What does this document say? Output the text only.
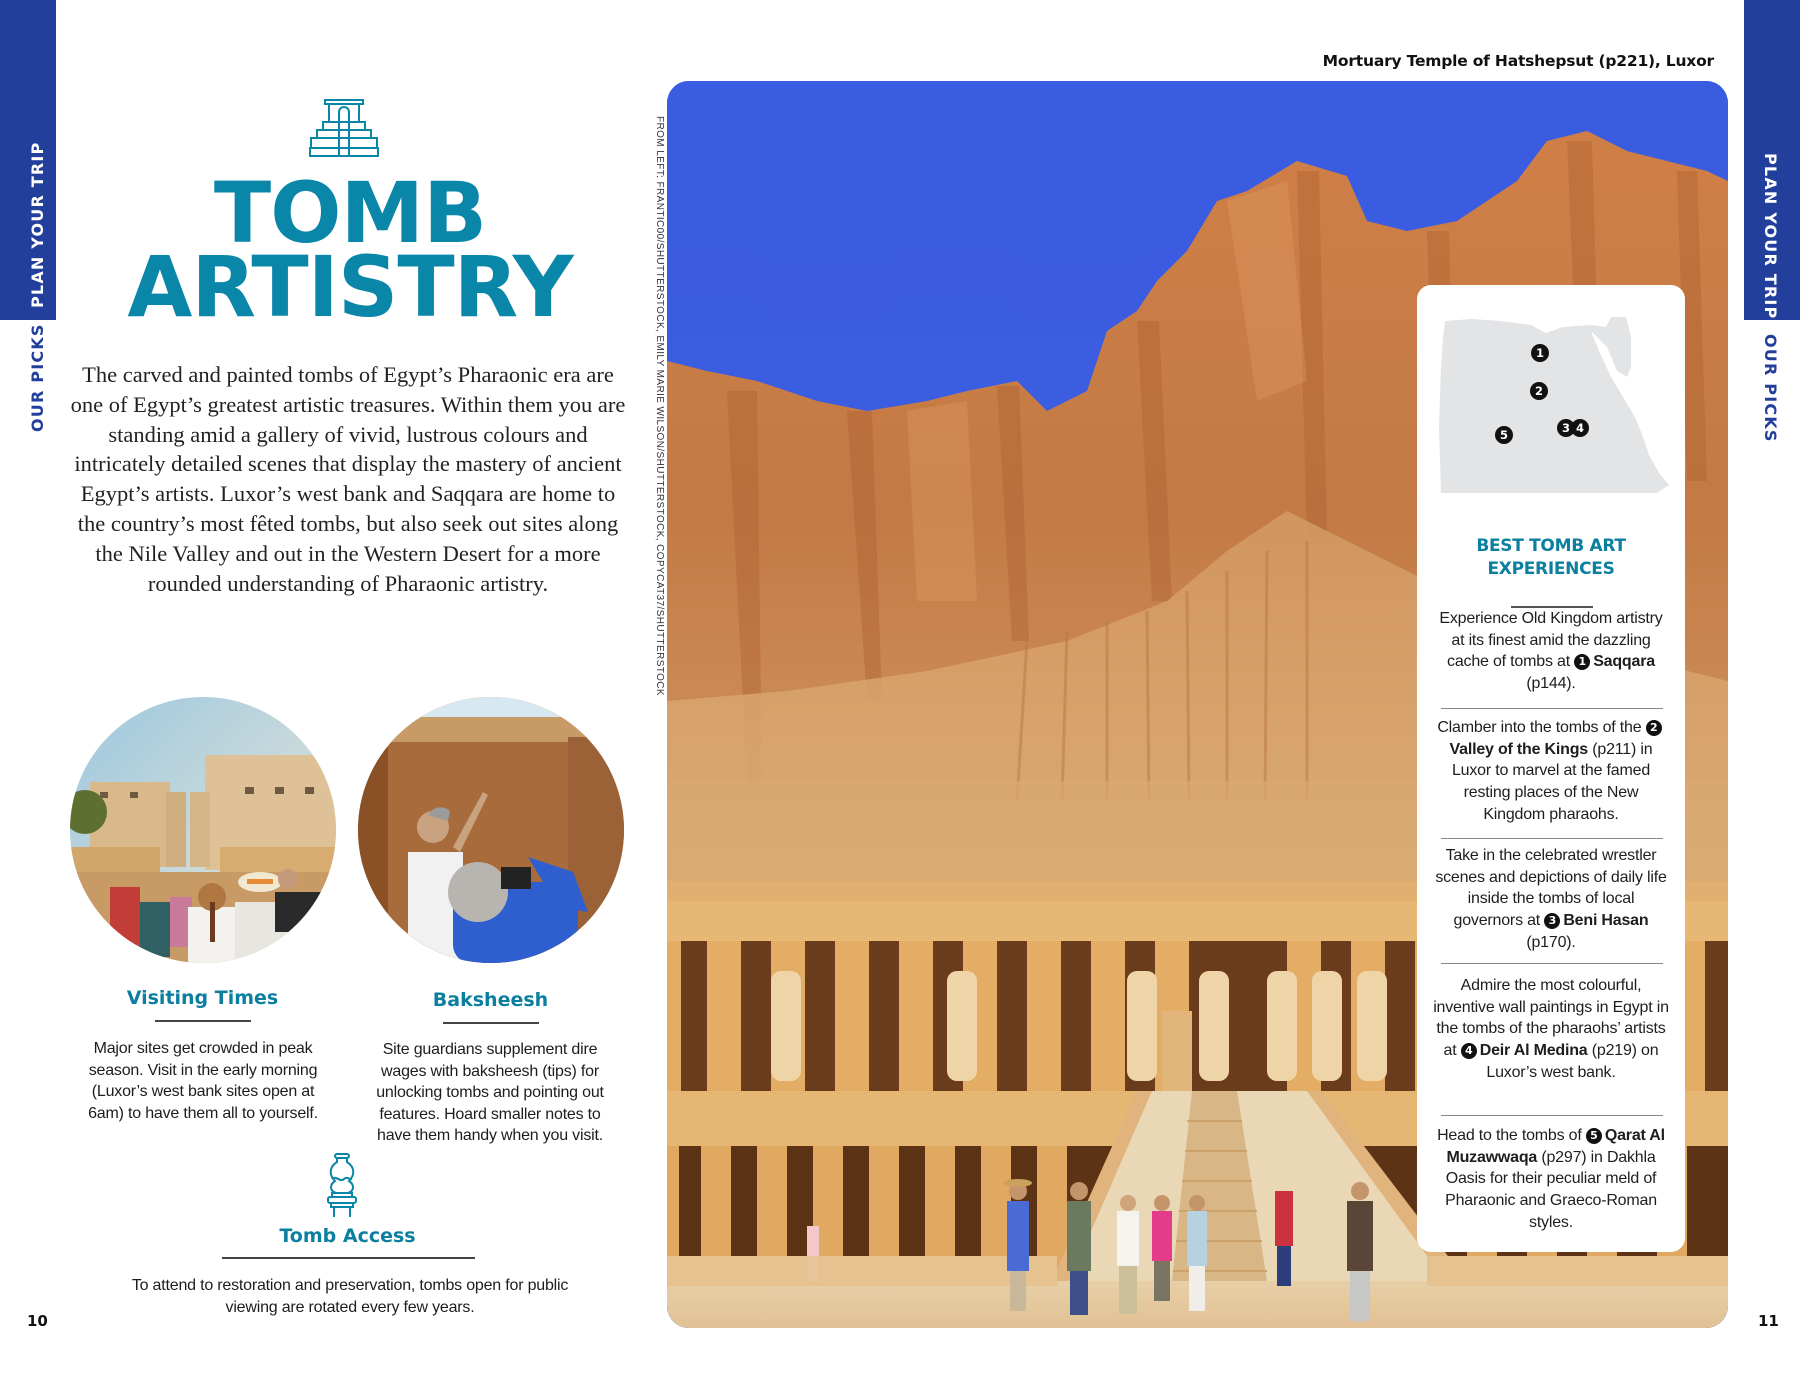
PLAN YOUR TRIP
OUR PICKS
PLAN YOUR TRIP
OUR PICKS
TOMB
ARTISTRY

The carved and painted tombs of Egypt’s Pharaonic era are one of Egypt’s greatest artistic treasures. Within them you are standing amid a gallery of vivid, lustrous colours and intricately detailed scenes that display the mastery of ancient Egypt’s artists. Luxor’s west bank and Saqqara are home to the country’s most fêted tombs, but also seek out sites along the Nile Valley and out in the Western Desert for a more rounded understanding of Pharaonic artistry.

Visiting Times

Major sites get crowded in peak season. Visit in the early morning (Luxor’s west bank sites open at 6am) to have them all to yourself.

Baksheesh

Site guardians supplement dire wages with baksheesh (tips) for unlocking tombs and pointing out features. Hoard smaller notes to have them handy when you visit.

Tomb Access

To attend to restoration and preservation, tombs open for public viewing are rotated every few years.

10
FROM LEFT: FRANTIC00/SHUTTERSTOCK, EMILY MARIE WILSON/SHUTTERSTOCK, COPYCAT37/SHUTTERSTOCK
Mortuary Temple of Hatshepsut (p221), Luxor
1
2
3 4
5
BEST TOMB ART
EXPERIENCES

Experience Old Kingdom artistry at its finest amid the dazzling cache of tombs at 1 Saqqara (p144).

Clamber into the tombs of the 2Valley of the Kings (p211) in Luxor to marvel at the famed resting places of the New Kingdom pharaohs.

Take in the celebrated wrestler scenes and depictions of daily life inside the tombs of local governors at 3 Beni Hasan (p170).

Admire the most colourful, inventive wall paintings in Egypt in the tombs of the pharaohs’ artists at 4 Deir Al Medina (p219) on Luxor’s west bank.

Head to the tombs of 5 Qarat Al Muzawwaqa (p297) in Dakhla Oasis for their peculiar meld of Pharaonic and Graeco-Roman styles.

11
